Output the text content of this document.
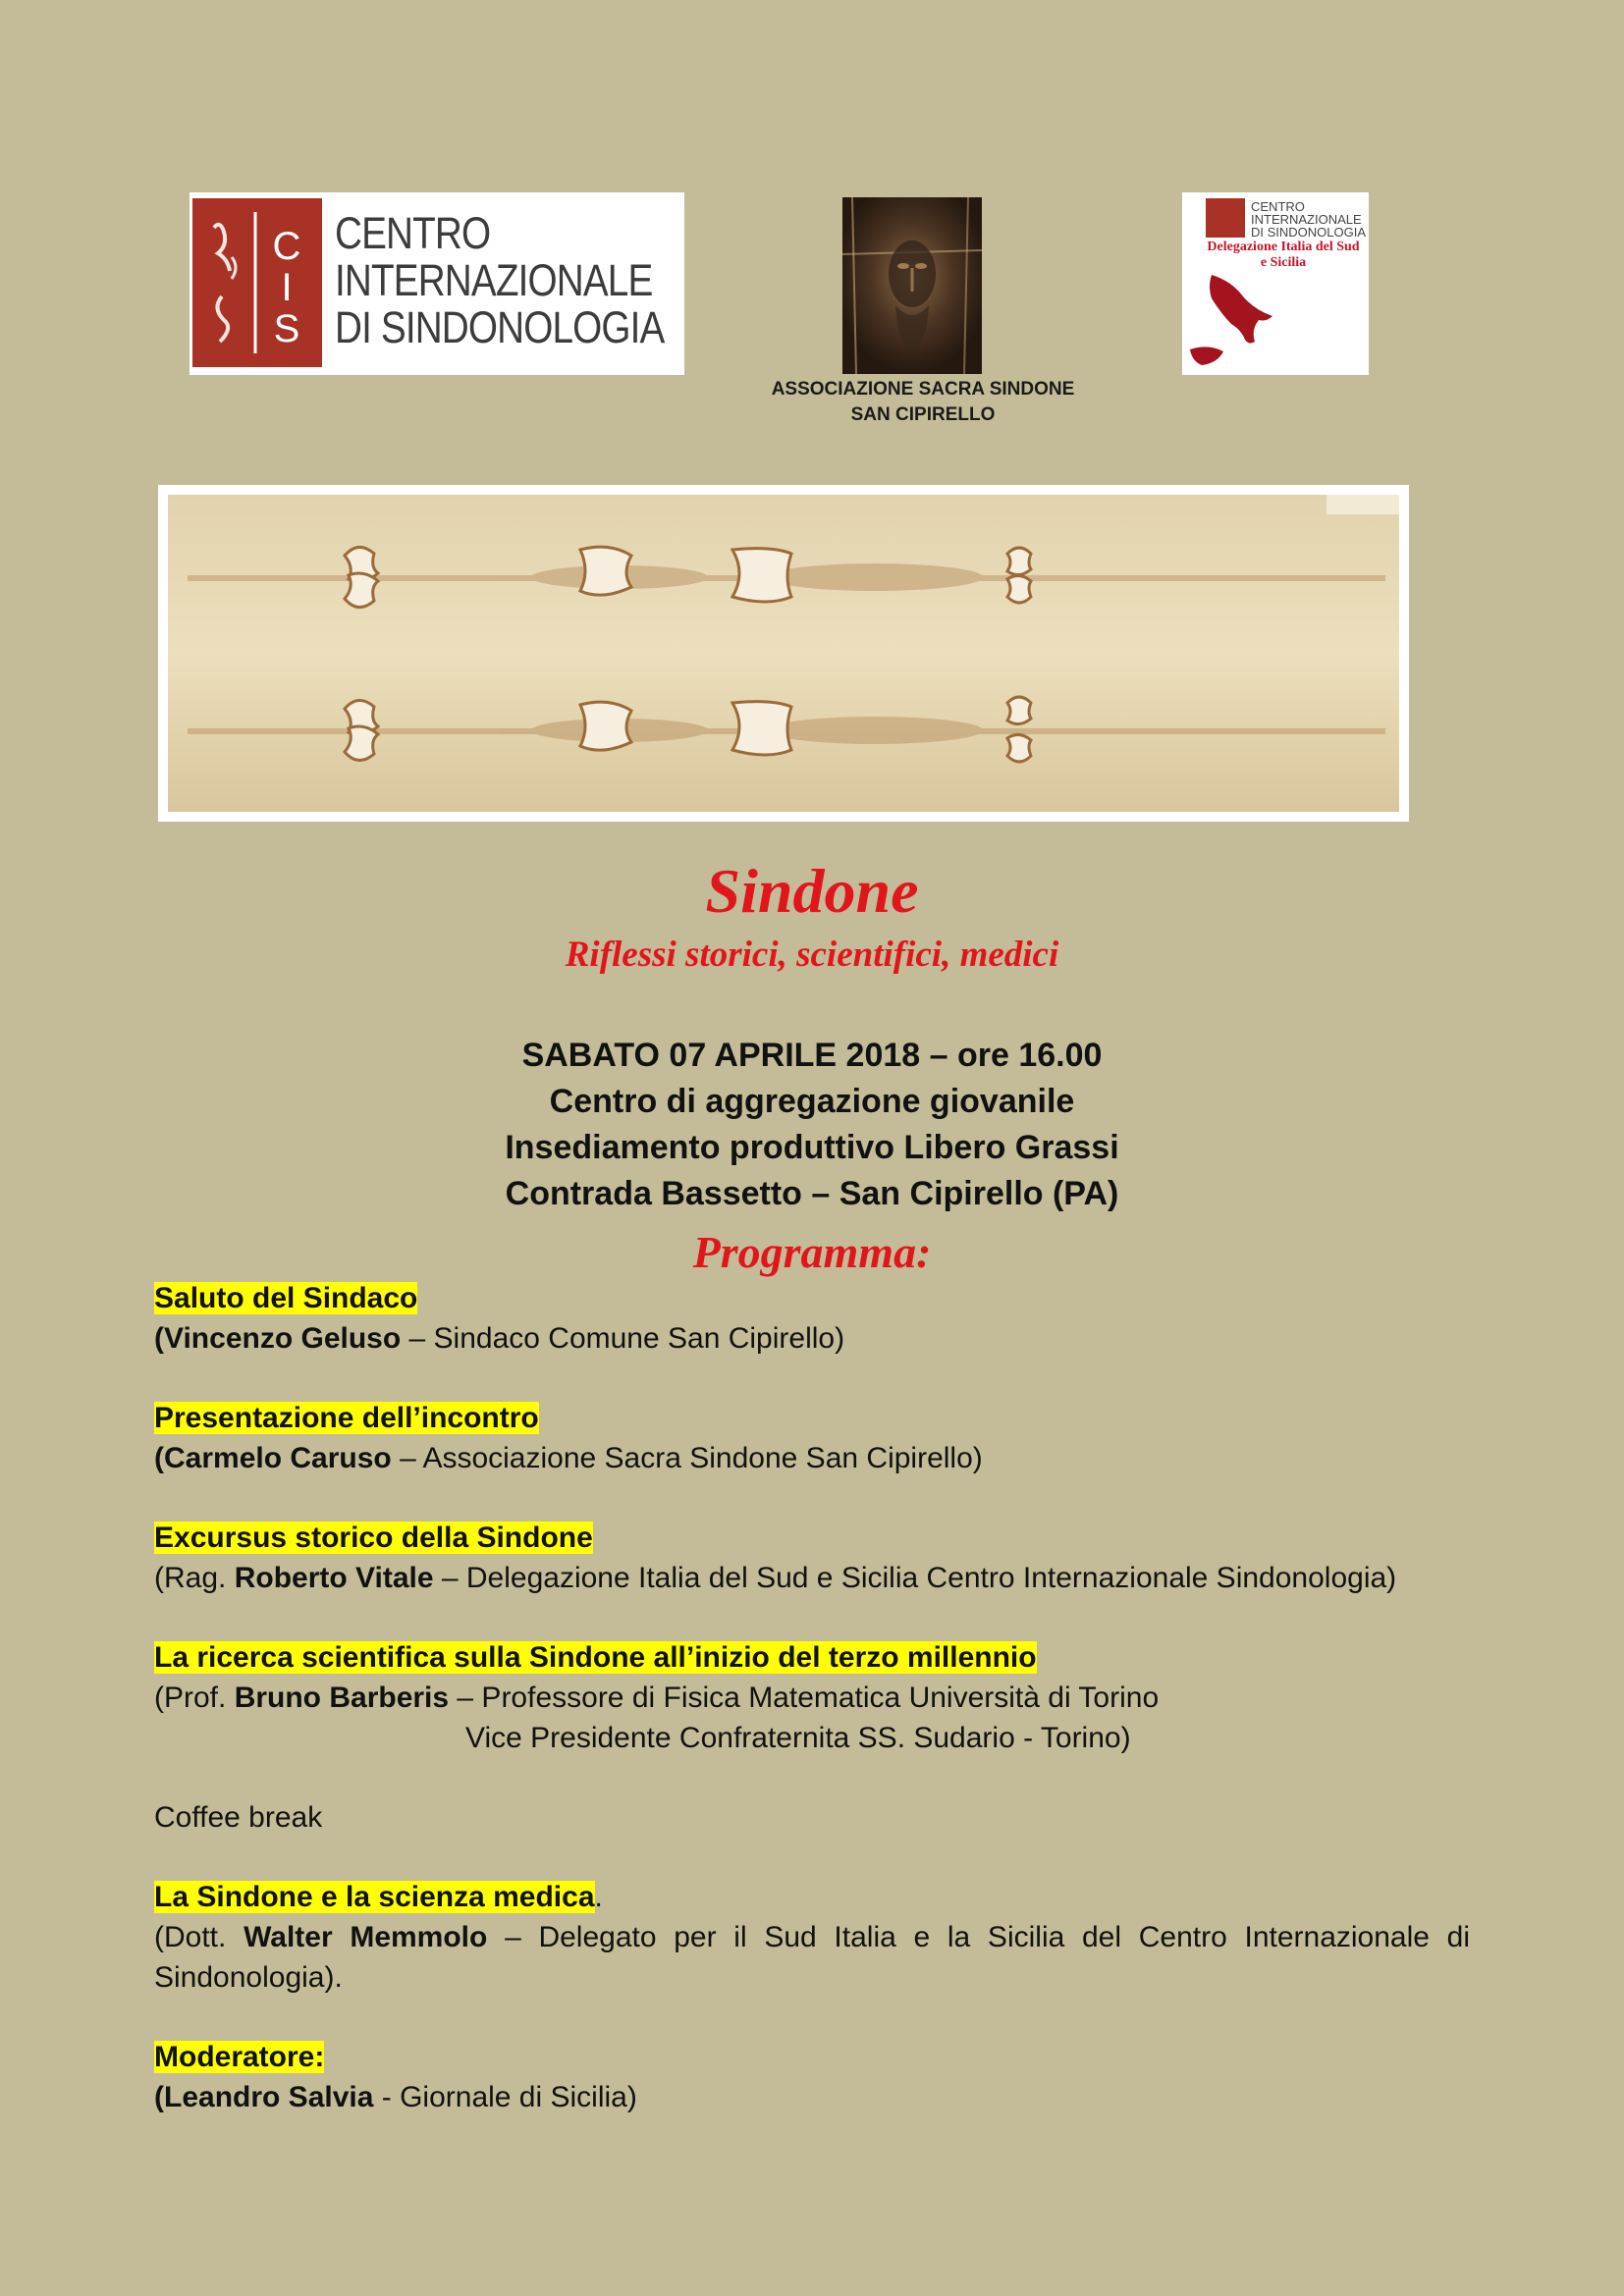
C
I
S
CENTRO
INTERNAZIONALE
DI SINDONOLOGIA
ASSOCIAZIONE SACRA SINDONE
SAN CIPIRELLO
CENTRO
INTERNAZIONALE
DI SINDONOLOGIA
Delegazione Italia del Sud
e Sicilia
Sindone
Riflessi storici, scientifici, medici
SABATO 07 APRILE 2018 – ore 16.00
Centro di aggregazione giovanile
Insediamento produttivo Libero Grassi
Contrada Bassetto – San Cipirello (PA)
Programma:
Saluto del Sindaco
(Vincenzo Geluso – Sindaco Comune San Cipirello)
Presentazione dell’incontro
(Carmelo Caruso – Associazione Sacra Sindone San Cipirello)
Excursus storico della Sindone
(Rag. Roberto Vitale – Delegazione Italia del Sud e Sicilia Centro Internazionale Sindonologia)
La ricerca scientifica sulla Sindone all’inizio del terzo millennio
(Prof. Bruno Barberis – Professore di Fisica Matematica Università di Torino
Vice Presidente Confraternita SS. Sudario - Torino)
Coffee break
La Sindone e la scienza medica.
(Dott. Walter Memmolo – Delegato per il Sud Italia e la Sicilia del Centro Internazionale di Sindonologia).
Moderatore:
(Leandro Salvia - Giornale di Sicilia)
